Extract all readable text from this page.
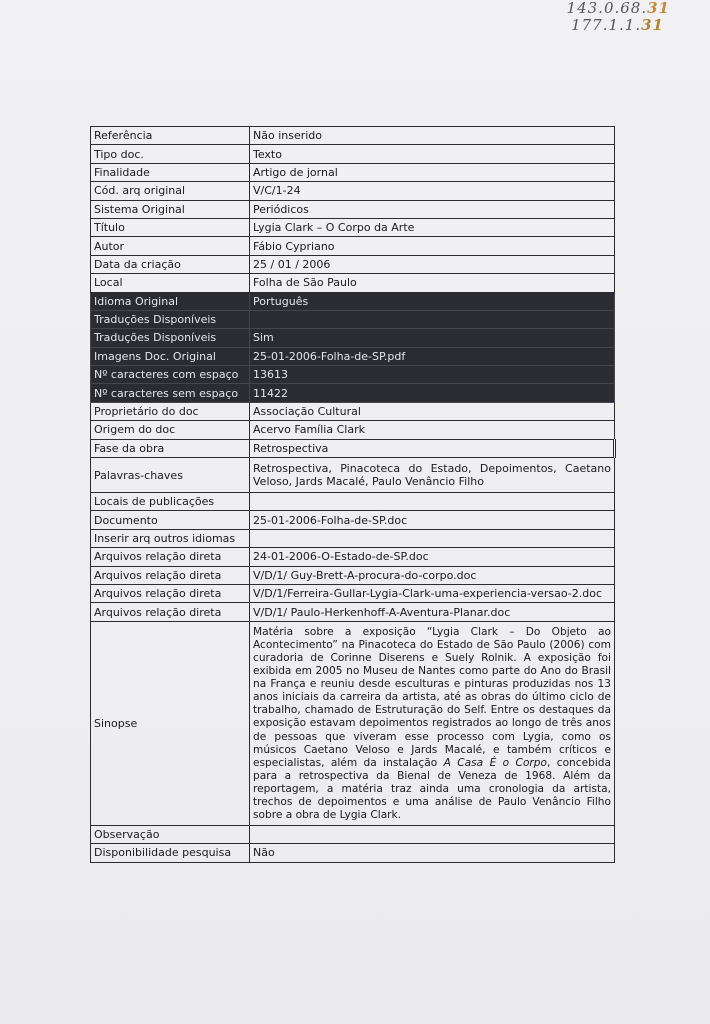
143.0.68.31
177.1.1.31
Referência	Não inserido
Tipo doc.	Texto
Finalidade	Artigo de jornal
Cód. arq original	V/C/1-24
Sistema Original	Periódicos
Título	Lygia Clark – O Corpo da Arte
Autor	Fábio Cypriano
Data da criação	25 / 01 / 2006
Local	Folha de São Paulo
Idioma Original	Português
Traduções Disponíveis	
Traduções Disponíveis	Sim
Imagens Doc. Original	25-01-2006-Folha-de-SP.pdf
Nº caracteres com espaço	13613
Nº caracteres sem espaço	11422
Proprietário do doc	Associação Cultural
Origem do doc	Acervo Família Clark
Fase da obra	Retrospectiva
Palavras-chaves	Retrospectiva, Pinacoteca do Estado, Depoimentos, Caetano Veloso, Jards Macalé, Paulo Venâncio Filho
Locais de publicações	
Documento	25-01-2006-Folha-de-SP.doc
Inserir arq outros idiomas	
Arquivos relação direta	24-01-2006-O-Estado-de-SP.doc
Arquivos relação direta	V/D/1/ Guy-Brett-A-procura-do-corpo.doc
Arquivos relação direta	V/D/1/Ferreira-Gullar-Lygia-Clark-uma-experiencia-versao-2.doc
Arquivos relação direta	V/D/1/ Paulo-Herkenhoff-A-Aventura-Planar.doc
Sinopse	Matéria sobre a exposição “Lygia Clark – Do Objeto ao Acontecimento” na Pinacoteca do Estado de São Paulo (2006) com curadoria de Corinne Diserens e Suely Rolnik. A exposição foi exibida em 2005 no Museu de Nantes como parte do Ano do Brasil na França e reuniu desde esculturas e pinturas produzidas nos 13 anos iniciais da carreira da artista, até as obras do último ciclo de trabalho, chamado de Estruturação do Self. Entre os destaques da exposição estavam depoimentos registrados ao longo de três anos de pessoas que viveram esse processo com Lygia, como os músicos Caetano Veloso e Jards Macalé, e também críticos e especialistas, além da instalação A Casa É o Corpo, concebida para a retrospectiva da Bienal de Veneza de 1968. Além da reportagem, a matéria traz ainda uma cronologia da artista, trechos de depoimentos e uma análise de Paulo Venâncio Filho sobre a obra de Lygia Clark.
Observação	
Disponibilidade pesquisa	Não
